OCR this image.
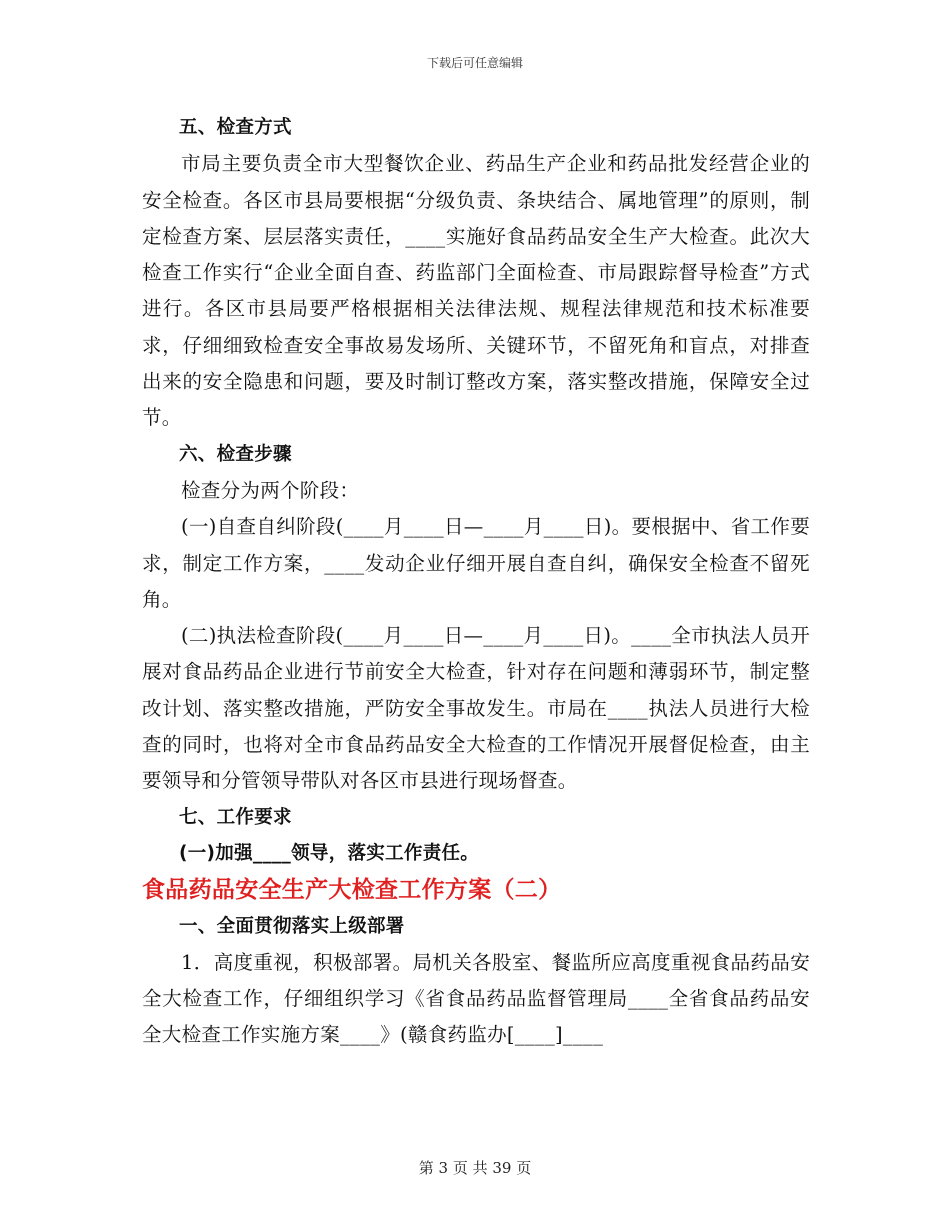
下载后可任意编辑

五、检查方式

市局主要负责全市大型餐饮企业、药品生产企业和药品批发经营企业的安全检查。各区市县局要根据“分级负责、条块结合、属地管理”的原则，制定检查方案、层层落实责任，____实施好食品药品安全生产大检查。此次大检查工作实行“企业全面自查、药监部门全面检查、市局跟踪督导检查”方式进行。各区市县局要严格根据相关法律法规、规程法律规范和技术标准要求，仔细细致检查安全事故易发场所、关键环节，不留死角和盲点，对排查出来的安全隐患和问题，要及时制订整改方案，落实整改措施，保障安全过节。

六、检查步骤

检查分为两个阶段：

(一)自查自纠阶段(____月____日—____月____日)。要根据中、省工作要求，制定工作方案，____发动企业仔细开展自查自纠，确保安全检查不留死角。

(二)执法检查阶段(____月____日—____月____日)。____全市执法人员开展对食品药品企业进行节前安全大检查，针对存在问题和薄弱环节，制定整改计划、落实整改措施，严防安全事故发生。市局在____执法人员进行大检查的同时，也将对全市食品药品安全大检查的工作情况开展督促检查，由主要领导和分管领导带队对各区市县进行现场督查。

七、工作要求

(一)加强____领导，落实工作责任。

食品药品安全生产大检查工作方案（二）

一、全面贯彻落实上级部署

1．高度重视，积极部署。局机关各股室、餐监所应高度重视食品药品安全大检查工作，仔细组织学习《省食品药品监督管理局____全省食品药品安全大检查工作实施方案____》(赣食药监办[____]____

第 3 页 共 39 页
